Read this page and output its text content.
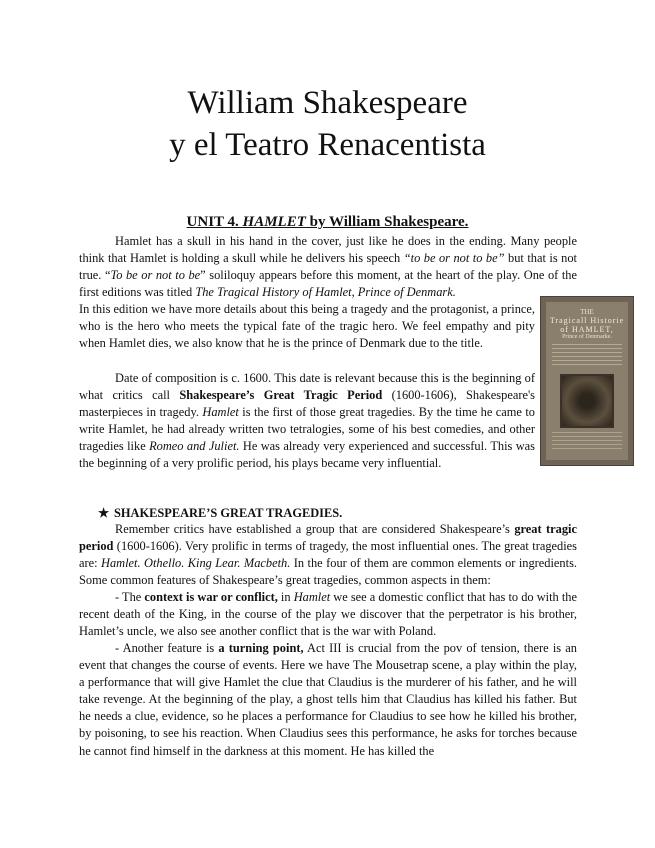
William Shakespeare
y el Teatro Renacentista
UNIT 4. HAMLET by William Shakespeare.
Hamlet has a skull in his hand in the cover, just like he does in the ending. Many people think that Hamlet is holding a skull while he delivers his speech “to be or not to be” but that is not true. “To be or not to be” soliloquy appears before this moment, at the heart of the play. One of the first editions was titled The Tragical History of Hamlet, Prince of Denmark.
In this edition we have more details about this being a tragedy and the protagonist, a prince, who is the hero who meets the typical fate of the tragic hero. We feel empathy and pity when Hamlet dies, we also know that he is the prince of Denmark due to the title.
Date of composition is c. 1600. This date is relevant because this is the beginning of what critics call Shakespeare’s Great Tragic Period (1600-1606), Shakespeare's masterpieces in tragedy. Hamlet is the first of those great tragedies. By the time he came to write Hamlet, he had already written two tetralogies, some of his best comedies, and other tragedies like Romeo and Juliet. He was already very experienced and successful. This was the beginning of a very prolific period, his plays became very influential.
THE
Tragicall Historie of HAMLET,
Prince of Denmarke.
★ SHAKESPEARE’S GREAT TRAGEDIES.
Remember critics have established a group that are considered Shakespeare’s great tragic period (1600-1606). Very prolific in terms of tragedy, the most influential ones. The great tragedies are: Hamlet. Othello. King Lear. Macbeth. In the four of them are common elements or ingredients. Some common features of Shakespeare’s great tragedies, common aspects in them:
- The context is war or conflict, in Hamlet we see a domestic conflict that has to do with the recent death of the King, in the course of the play we discover that the perpetrator is his brother, Hamlet’s uncle, we also see another conflict that is the war with Poland.
- Another feature is a turning point, Act III is crucial from the pov of tension, there is an event that changes the course of events. Here we have The Mousetrap scene, a play within the play, a performance that will give Hamlet the clue that Claudius is the murderer of his father, and he will take revenge. At the beginning of the play, a ghost tells him that Claudius has killed his father. But he needs a clue, evidence, so he places a performance for Claudius to see how he killed his brother, by poisoning, to see his reaction. When Claudius sees this performance, he asks for torches because he cannot find himself in the darkness at this moment. He has killed the
